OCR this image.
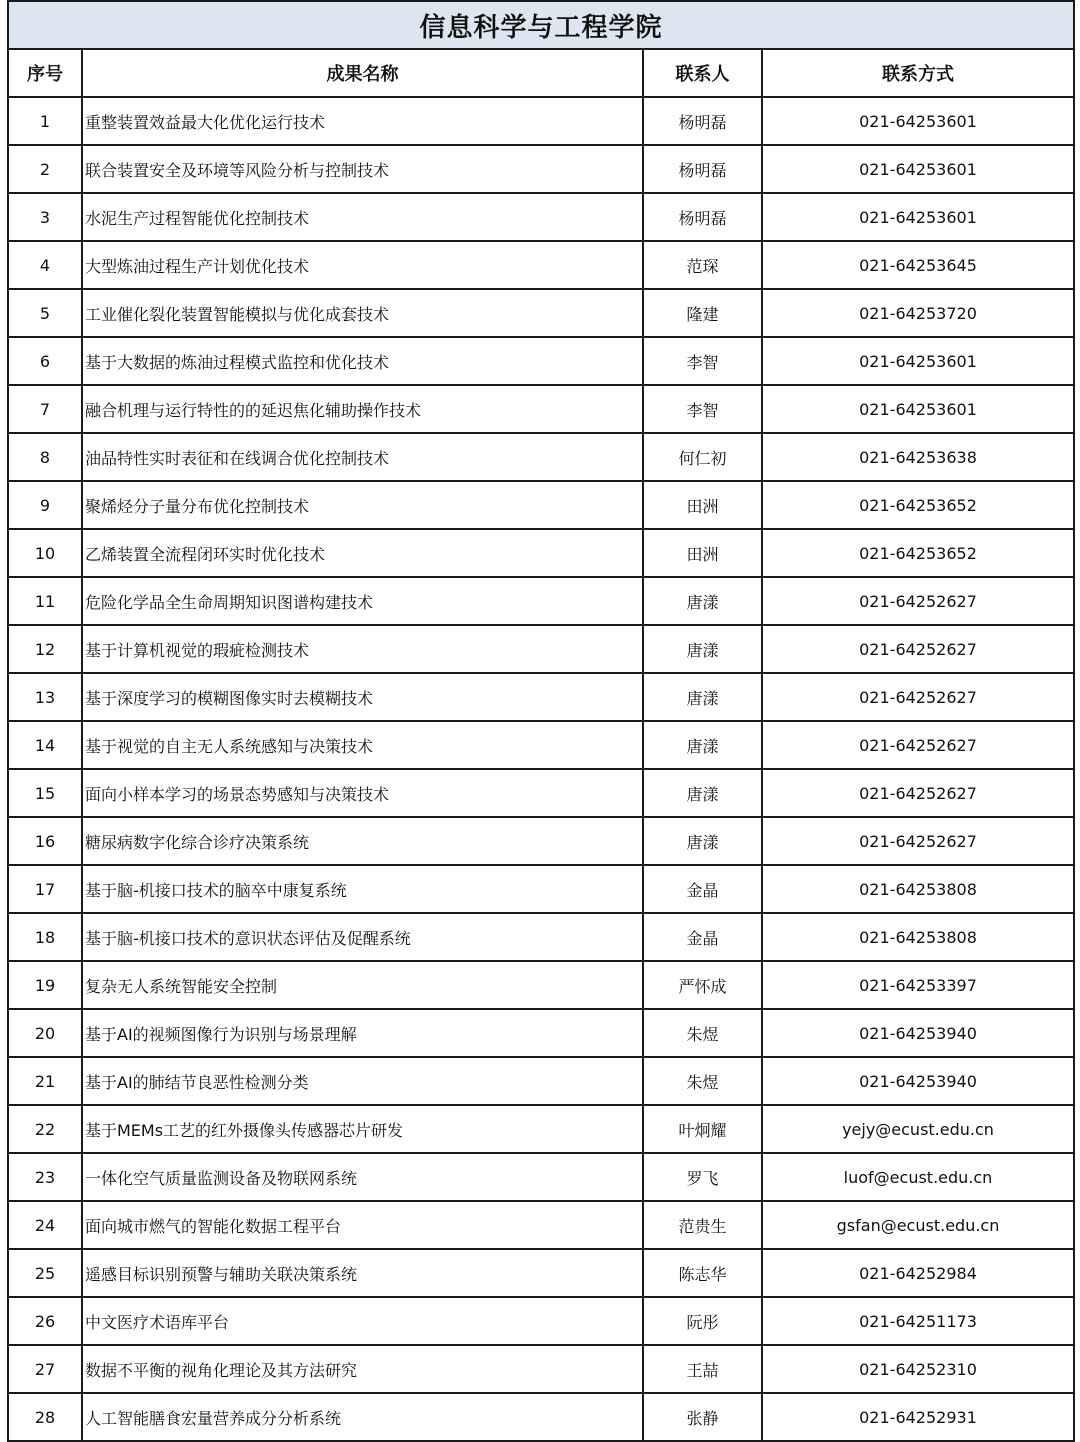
信息科学与工程学院			
序号	成果名称	联系人	联系方式
1	重整装置效益最大化优化运行技术	杨明磊	021-64253601
2	联合装置安全及环境等风险分析与控制技术	杨明磊	021-64253601
3	水泥生产过程智能优化控制技术	杨明磊	021-64253601
4	大型炼油过程生产计划优化技术	范琛	021-64253645
5	工业催化裂化装置智能模拟与优化成套技术	隆建	021-64253720
6	基于大数据的炼油过程模式监控和优化技术	李智	021-64253601
7	融合机理与运行特性的的延迟焦化辅助操作技术	李智	021-64253601
8	油品特性实时表征和在线调合优化控制技术	何仁初	021-64253638
9	聚烯烃分子量分布优化控制技术	田洲	021-64253652
10	乙烯装置全流程闭环实时优化技术	田洲	021-64253652
11	危险化学品全生命周期知识图谱构建技术	唐漾	021-64252627
12	基于计算机视觉的瑕疵检测技术	唐漾	021-64252627
13	基于深度学习的模糊图像实时去模糊技术	唐漾	021-64252627
14	基于视觉的自主无人系统感知与决策技术	唐漾	021-64252627
15	面向小样本学习的场景态势感知与决策技术	唐漾	021-64252627
16	糖尿病数字化综合诊疗决策系统	唐漾	021-64252627
17	基于脑-机接口技术的脑卒中康复系统	金晶	021-64253808
18	基于脑-机接口技术的意识状态评估及促醒系统	金晶	021-64253808
19	复杂无人系统智能安全控制	严怀成	021-64253397
20	基于AI的视频图像行为识别与场景理解	朱煜	021-64253940
21	基于AI的肺结节良恶性检测分类	朱煜	021-64253940
22	基于MEMs工艺的红外摄像头传感器芯片研发	叶炯耀	yejy@ecust.edu.cn
23	一体化空气质量监测设备及物联网系统	罗飞	luof@ecust.edu.cn
24	面向城市燃气的智能化数据工程平台	范贵生	gsfan@ecust.edu.cn
25	遥感目标识别预警与辅助关联决策系统	陈志华	021-64252984
26	中文医疗术语库平台	阮彤	021-64251173
27	数据不平衡的视角化理论及其方法研究	王喆	021-64252310
28	人工智能膳食宏量营养成分分析系统	张静	021-64252931
